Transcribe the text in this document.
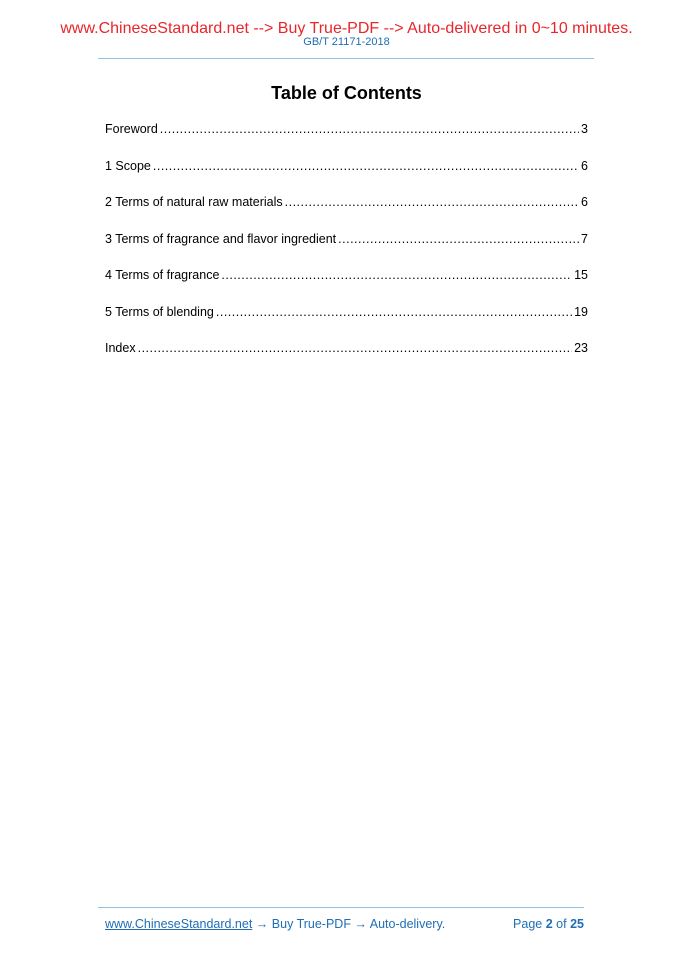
www.ChineseStandard.net --> Buy True-PDF --> Auto-delivered in 0~10 minutes.
GB/T 21171-2018
Table of Contents
Foreword .....	3
1 Scope .....	6
2 Terms of natural raw materials .....	6
3 Terms of fragrance and flavor ingredient .....	7
4 Terms of fragrance .....	15
5 Terms of blending .....	19
Index .....	23
www.ChineseStandard.net → Buy True-PDF → Auto-delivery.	Page 2 of 25
